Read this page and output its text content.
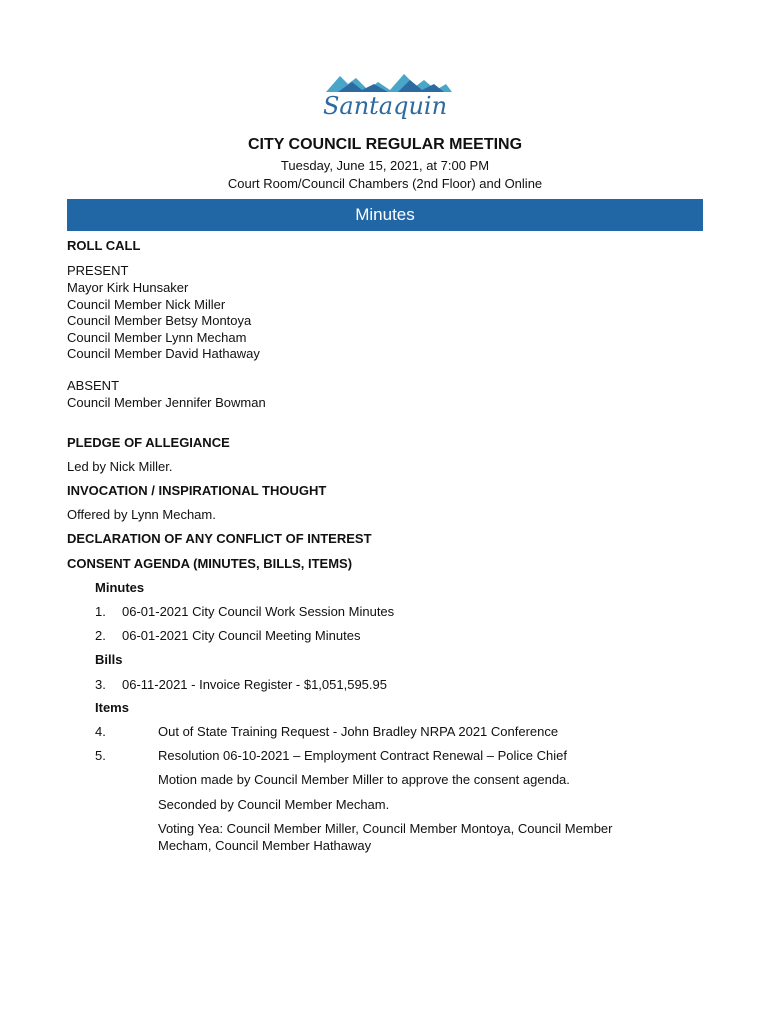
Santaquin
CITY COUNCIL REGULAR MEETING
Tuesday, June 15, 2021, at 7:00 PM
Court Room/Council Chambers (2nd Floor) and Online
Minutes
ROLL CALL
PRESENT
Mayor Kirk Hunsaker
Council Member Nick Miller
Council Member Betsy Montoya
Council Member Lynn Mecham
Council Member David Hathaway
ABSENT
Council Member Jennifer Bowman
PLEDGE OF ALLEGIANCE
Led by Nick Miller.
INVOCATION / INSPIRATIONAL THOUGHT
Offered by Lynn Mecham.
DECLARATION OF ANY CONFLICT OF INTEREST
CONSENT AGENDA (MINUTES, BILLS, ITEMS)
Minutes
1. 06-01-2021 City Council Work Session Minutes
2. 06-01-2021 City Council Meeting Minutes
Bills
3. 06-11-2021 - Invoice Register - $1,051,595.95
Items
4.	Out of State Training Request - John Bradley NRPA 2021 Conference
5.	Resolution 06-10-2021 – Employment Contract Renewal – Police Chief
Motion made by Council Member Miller to approve the consent agenda.
Seconded by Council Member Mecham.
Voting Yea: Council Member Miller, Council Member Montoya, Council Member Mecham, Council Member Hathaway
